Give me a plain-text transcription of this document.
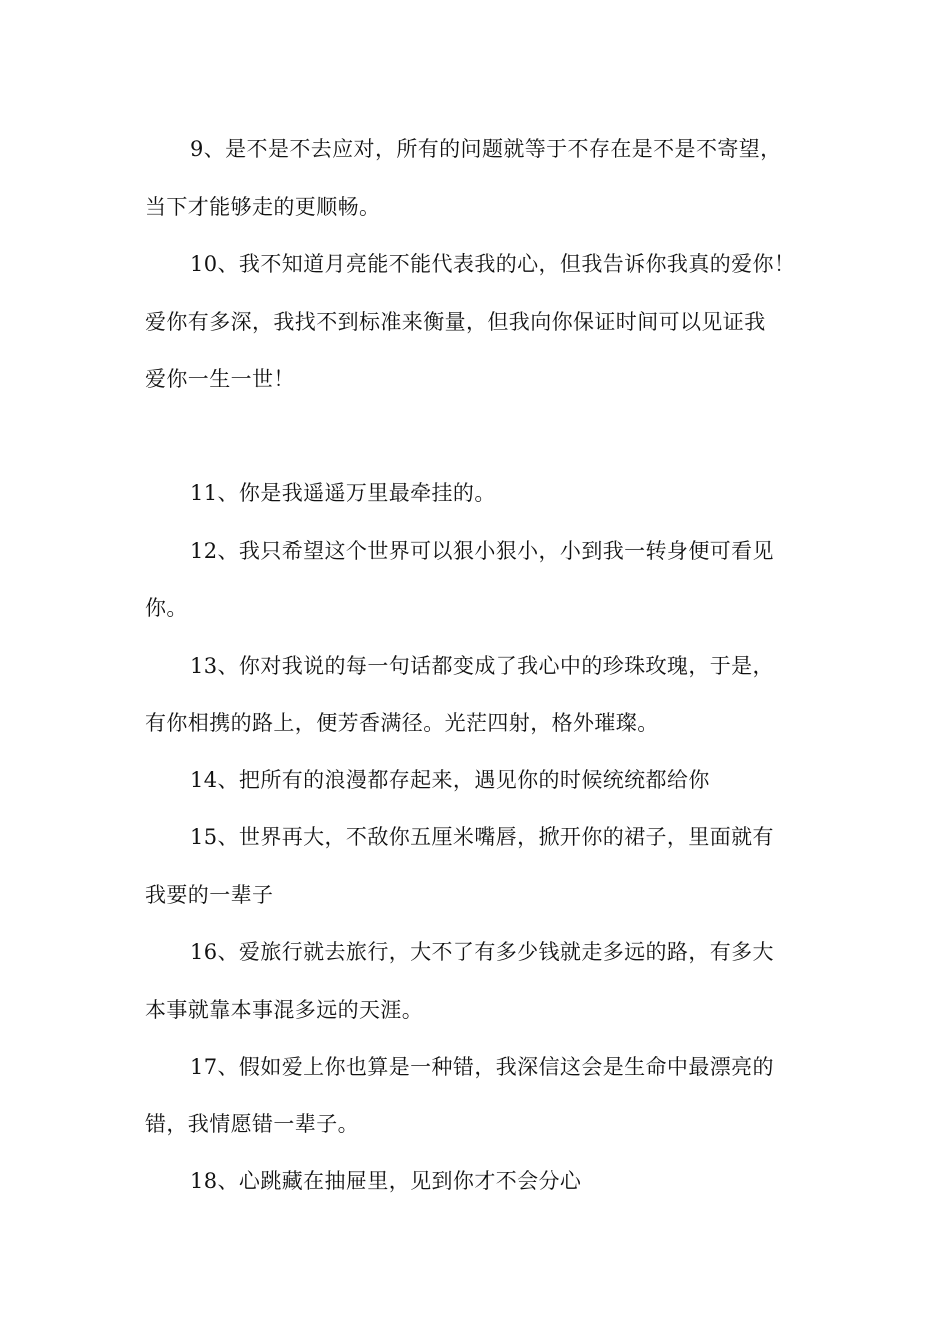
9、是不是不去应对，所有的问题就等于不存在是不是不寄望，
当下才能够走的更顺畅。
10、我不知道月亮能不能代表我的心，但我告诉你我真的爱你！
爱你有多深，我找不到标准来衡量，但我向你保证时间可以见证我
爱你一生一世！
11、你是我遥遥万里最牵挂的。
12、我只希望这个世界可以狠小狠小，小到我一转身便可看见
你。
13、你对我说的每一句话都变成了我心中的珍珠玫瑰，于是，
有你相携的路上，便芳香满径。光茫四射，格外璀璨。
14、把所有的浪漫都存起来，遇见你的时候统统都给你
15、世界再大，不敌你五厘米嘴唇，掀开你的裙子，里面就有
我要的一辈子
16、爱旅行就去旅行，大不了有多少钱就走多远的路，有多大
本事就靠本事混多远的天涯。
17、假如爱上你也算是一种错，我深信这会是生命中最漂亮的
错，我情愿错一辈子。
18、心跳藏在抽屉里，见到你才不会分心
